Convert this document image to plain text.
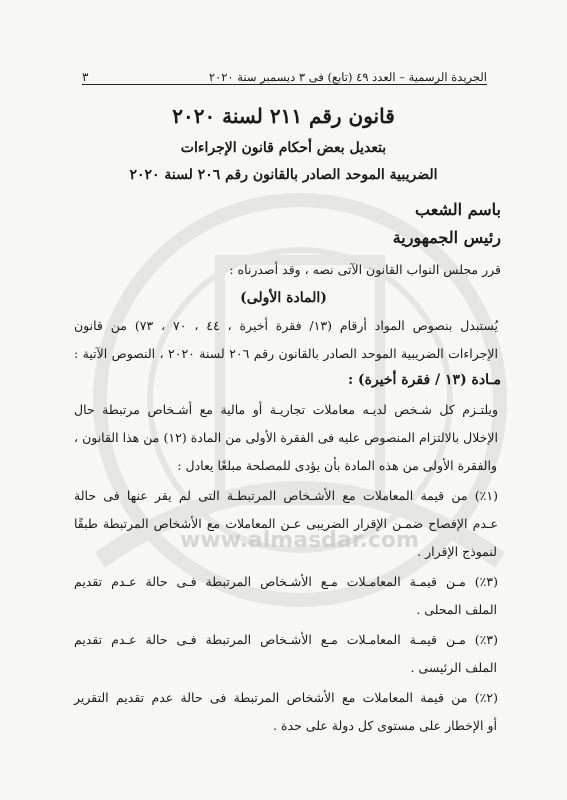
www.almasdar.com
الجريدة الرسمية – العدد ٤٩ (تابع) فى ٣ ديسمبر سنة ٢٠٢٠
٣
قانون رقم ٢١١ لسنة ٢٠٢٠
بتعديل بعض أحكام قانون الإجراءات
الضريبية الموحد الصادر بالقانون رقم ٢٠٦ لسنة ٢٠٢٠
باسم الشعب
رئيس الجمهورية
قرر مجلس النواب القانون الآتى نصه ، وقد أصدرناه :
(المادة الأولى)
يُستبدل بنصوص المواد أرقام (١٣/ فقرة أخيرة ، ٤٤ ، ٧٠ ، ٧٣) من قانون
الإجراءات الضريبية الموحد الصادر بالقانون رقم ٢٠٦ لسنة ٢٠٢٠ ، النصوص الآتية :
مـادة (١٣ / فقرة أخيرة) :
ويلتـزم كل شـخص لديـه معاملات تجاريـة أو مالية مع أشـخاص مرتبطة حال
الإخلال بالالتزام المنصوص عليه فى الفقرة الأولى من المادة (١٢) من هذا القانون ،
والفقرة الأولى من هذه المادة بأن يؤدى للمصلحة مبلغًا يعادل :
(١٪) من قيمة المعاملات مع الأشـخاص المرتبطـة التى لم يقر عنها فى حالة
عـدم الإفصاح ضمـن الإقرار الضريبى عـن المعاملات مع الأشخاص المرتبطة طبقًا
لنموذج الإقرار .
(٣٪) مـن قيمـة المعامـلات مـع الأشـخاص المرتبطة فـى حالة عـدم تقديم
الملف المحلى .
(٣٪) مـن قيمـة المعامـلات مـع الأشـخاص المرتبطة فـى حالة عـدم تقديم
الملف الرئيسى .
(٢٪) من قيمة المعاملات مع الأشخاص المرتبطة فى حالة عدم تقديم التقرير
أو الإخطار على مستوى كل دولة على حدة .
